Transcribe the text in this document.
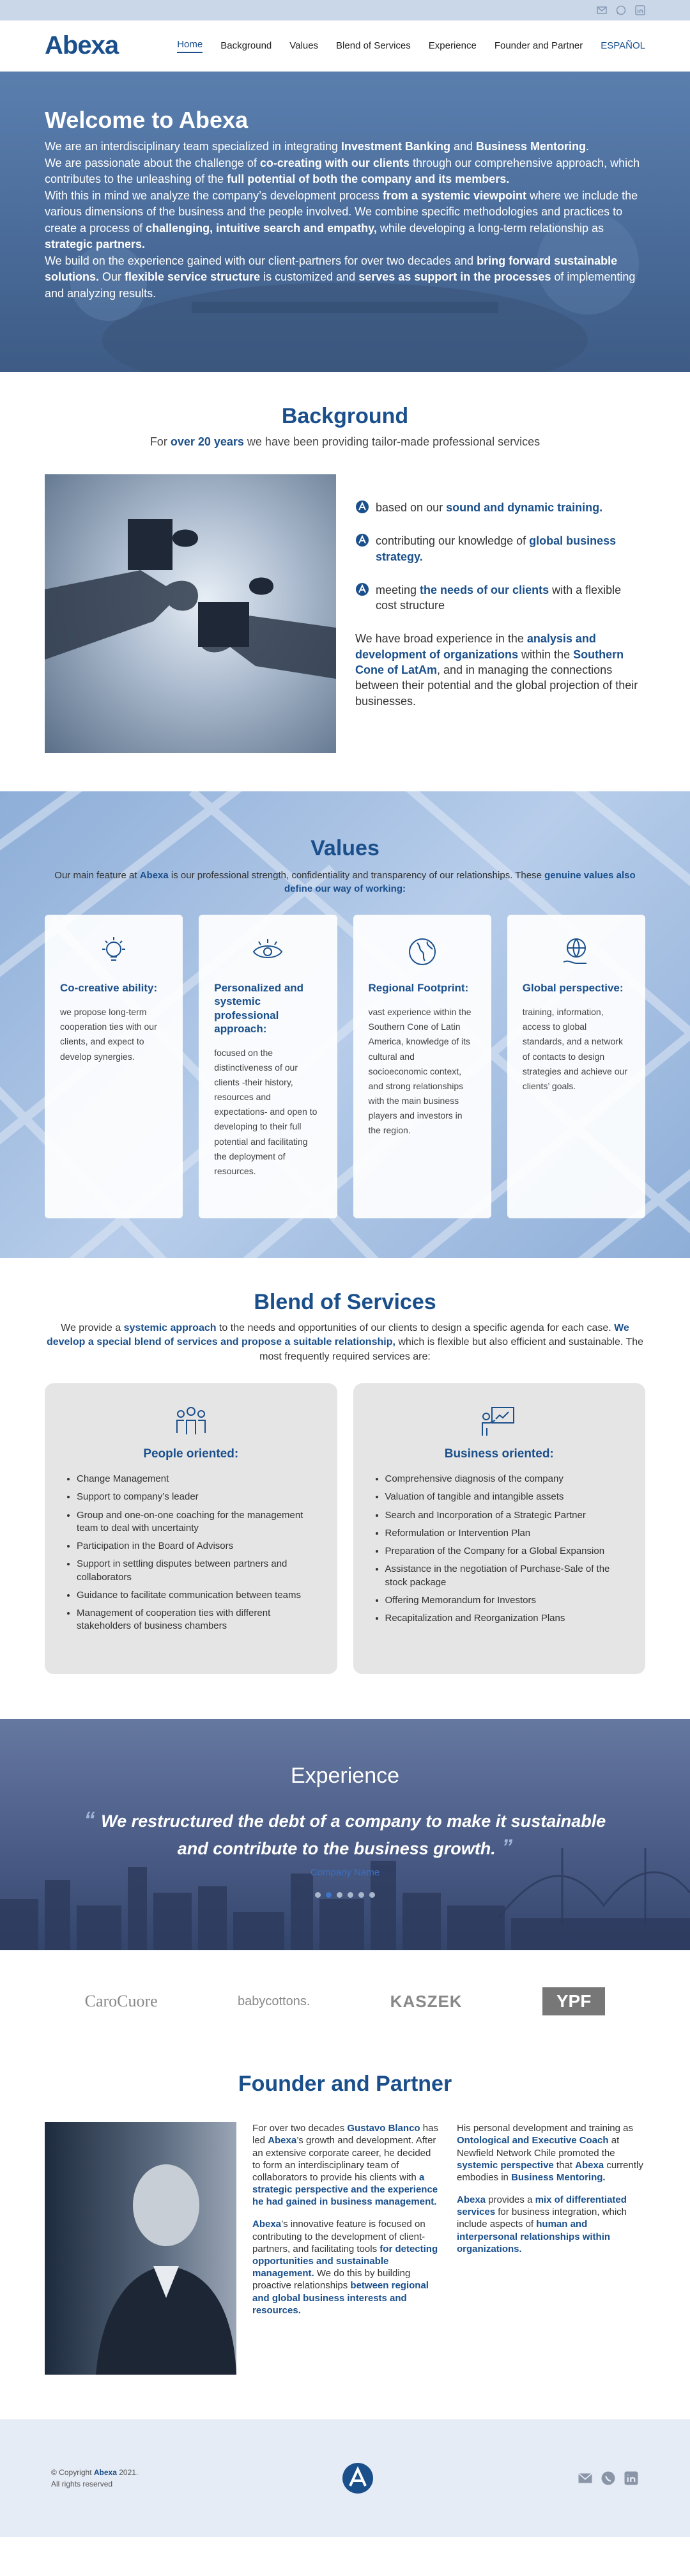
Abexa	Home Background Values Blend of Services Experience Founder and Partner ESPAÑOL
Welcome to Abexa

We are an interdisciplinary team specialized in integrating Investment Banking and Business Mentoring.

We are passionate about the challenge of co-creating with our clients through our comprehensive approach, which contributes to the unleashing of the full potential of both the company and its members.

With this in mind we analyze the company’s development process from a systemic viewpoint where we include the various dimensions of the business and the people involved. We combine specific methodologies and practices to create a process of challenging, intuitive search and empathy, while developing a long-term relationship as strategic partners.

We build on the experience gained with our client-partners for over two decades and bring forward sustainable solutions. Our flexible service structure is customized and serves as support in the processes of implementing and analyzing results.

Background
For over 20 years we have been providing tailor-made professional services
based on our sound and dynamic training.
contributing our knowledge of global business strategy.
meeting the needs of our clients with a flexible cost structure
We have broad experience in the analysis and development of organizations within the Southern Cone of LatAm, and in managing the connections between their potential and the global projection of their businesses.
Values
Our main feature at Abexa is our professional strength, confidentiality and transparency of our relationships. These genuine values also define our way of working:
Co-creative ability:
we propose long-term cooperation ties with our clients, and expect to develop synergies.
Personalized and systemic professional approach:
focused on the distinctiveness of our clients -their history, resources and expectations- and open to developing to their full potential and facilitating the deployment of resources.
Regional Footprint:
vast experience within the Southern Cone of Latin America, knowledge of its cultural and socioeconomic context, and strong relationships with the main business players and investors in the region.
Global perspective:
training, information, access to global standards, and a network of contacts to design strategies and achieve our clients’ goals.
Blend of Services
We provide a systemic approach to the needs and opportunities of our clients to design a specific agenda for each case. We develop a special blend of services and propose a suitable relationship, which is flexible but also efficient and sustainable. The most frequently required services are:
People oriented:
• Change Management
• Support to company’s leader
• Group and one-on-one coaching for the management team to deal with uncertainty
• Participation in the Board of Advisors
• Support in settling disputes between partners and collaborators
• Guidance to facilitate communication between teams
• Management of cooperation ties with different stakeholders of business chambers
Business oriented:
• Comprehensive diagnosis of the company
• Valuation of tangible and intangible assets
• Search and Incorporation of a Strategic Partner
• Reformulation or Intervention Plan
• Preparation of the Company for a Global Expansion
• Assistance in the negotiation of Purchase-Sale of the stock package
• Offering Memorandum for Investors
• Recapitalization and Reorganization Plans
Experience
“ We restructured the debt of a company to make it sustainable and contribute to the business growth. ”
Company Name
CaroCuore	babycottons.	KASZEK	YPF
Founder and Partner

For over two decades Gustavo Blanco has led Abexa’s growth and development. After an extensive corporate career, he decided to form an interdisciplinary team of collaborators to provide his clients with a strategic perspective and the experience he had gained in business management.

Abexa’s innovative feature is focused on contributing to the development of client-partners, and facilitating tools for detecting opportunities and sustainable management. We do this by building proactive relationships between regional and global business interests and resources.

His personal development and training as Ontological and Executive Coach at Newfield Network Chile promoted the systemic perspective that Abexa currently embodies in Business Mentoring.

Abexa provides a mix of differentiated services for business integration, which include aspects of human and interpersonal relationships within organizations.

© Copyright Abexa 2021.
All rights reserved
